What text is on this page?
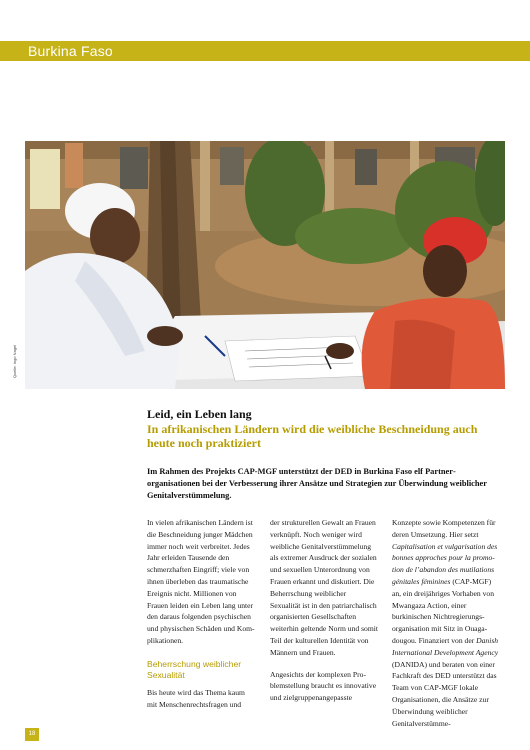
Burkina Faso
Quelle: Ingo Nagel
Leid, ein Leben lang
In afrikanischen Ländern wird die weibliche Beschneidung auch heute noch praktiziert
Im Rahmen des Projekts CAP-MGF unterstützt der DED in Burkina Faso elf Partnerorganisationen bei der Verbesserung ihrer Ansätze und Strategien zur Überwindung weiblicher Genitalverstümmelung.

In vielen afrikanischen Ländern ist die Beschneidung junger Mädchen immer noch weit verbreitet. Jedes Jahr erleiden Tausende den schmerzhaften Eingriff; viele von ihnen überleben das traumatische Ereignis nicht. Millionen von Frauen leiden ein Leben lang unter den daraus folgenden psychischen und physischen Schäden und Komplikationen.

Beherrschung weiblicher Sexualität

Bis heute wird das Thema kaum mit Menschenrechtsfragen und

der strukturellen Gewalt an Frauen verknüpft. Noch weniger wird weibliche Genitalverstümmelung als extremer Ausdruck der sozialen und sexuellen Unterordnung von Frauen erkannt und diskutiert. Die Beherrschung weiblicher Sexualität ist in den patriarchalisch organisierten Gesellschaften weiterhin geltende Norm und somit Teil der kulturellen Identität von Männern und Frauen.

Angesichts der komplexen Problemstellung braucht es innovative und zielgruppenangepasste

Konzepte sowie Kompetenzen für deren Umsetzung. Hier setzt Capitalisation et vulgarisation des bonnes approches pour la promotion de l’abandon des mutilations génitales féminines (CAP-MGF) an, ein dreijähriges Vorhaben von Mwangaza Action, einer burkinischen Nichtregierungsorganisation mit Sitz in Ouagadougou. Finanziert von der Danish International Development Agency (DANIDA) und beraten von einer Fachkraft des DED unterstützt das Team von CAP-MGF lokale Organisationen, die Ansätze zur Überwindung weiblicher Genitalverstümme-

18
